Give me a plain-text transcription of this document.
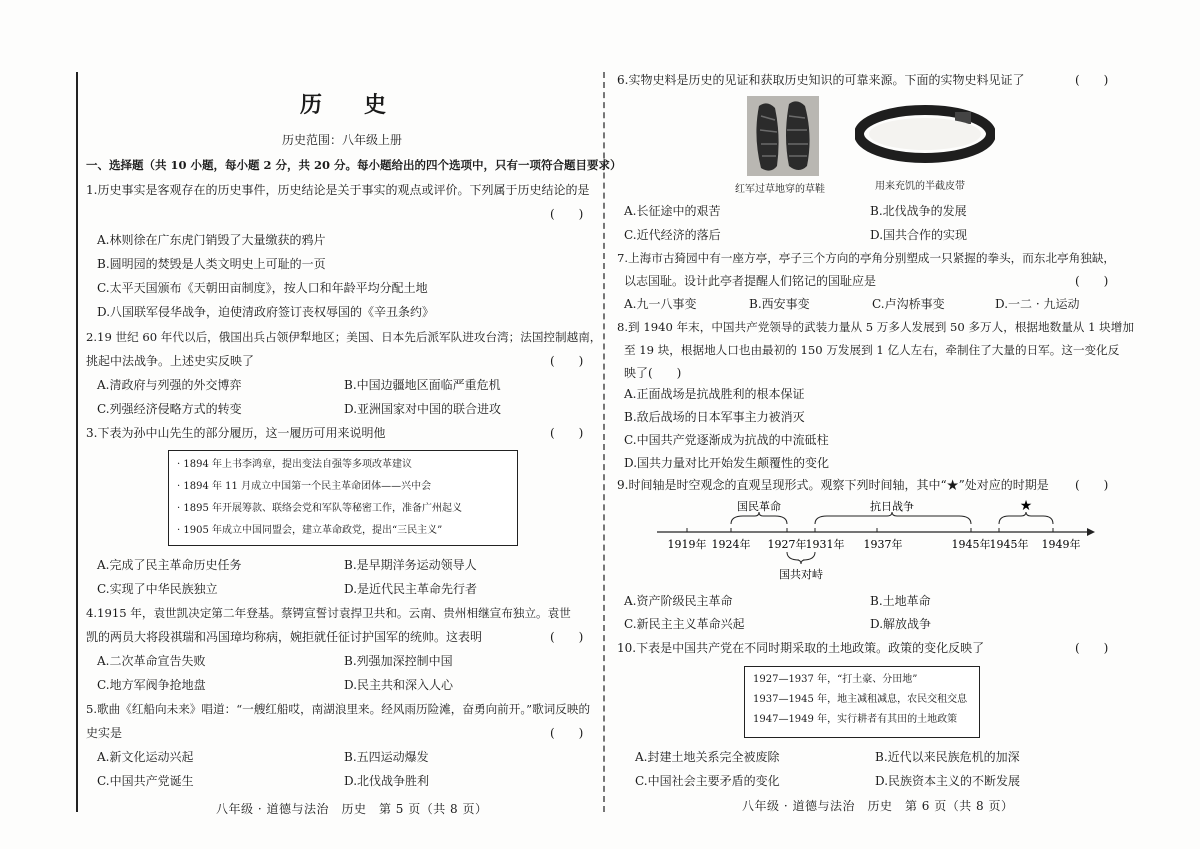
历　史
历史范围：八年级上册
一、选择题（共 10 小题，每小题 2 分，共 20 分。每小题给出的四个选项中，只有一项符合题目要求）
1.历史事实是客观存在的历史事件，历史结论是关于事实的观点或评价。下列属于历史结论的是
(　　)
A.林则徐在广东虎门销毁了大量缴获的鸦片
B.圆明园的焚毁是人类文明史上可耻的一页
C.太平天国颁布《天朝田亩制度》，按人口和年龄平均分配土地
D.八国联军侵华战争，迫使清政府签订丧权辱国的《辛丑条约》
2.19 世纪 60 年代以后，俄国出兵占领伊犁地区；美国、日本先后派军队进攻台湾；法国控制越南，
挑起中法战争。上述史实反映了	(　　)
A.清政府与列强的外交博弈	B.中国边疆地区面临严重危机
C.列强经济侵略方式的转变	D.亚洲国家对中国的联合进攻
3.下表为孙中山先生的部分履历，这一履历可用来说明他	(　　)
· 1894 年上书李鸿章，提出变法自强等多项改革建议
· 1894 年 11 月成立中国第一个民主革命团体——兴中会
· 1895 年开展筹款、联络会党和军队等秘密工作，准备广州起义
· 1905 年成立中国同盟会，建立革命政党，提出“三民主义”
A.完成了民主革命历史任务	B.是早期洋务运动领导人
C.实现了中华民族独立	D.是近代民主革命先行者
4.1915 年，袁世凯决定第二年登基。蔡锷宣誓讨袁捍卫共和。云南、贵州相继宣布独立。袁世
凯的两员大将段祺瑞和冯国璋均称病，婉拒就任征讨护国军的统帅。这表明	(　　)
A.二次革命宣告失败	B.列强加深控制中国
C.地方军阀争抢地盘	D.民主共和深入人心
5.歌曲《红船向未来》唱道：“一艘红船哎，南湖浪里来。经风雨历险滩，奋勇向前开。”歌词反映的
史实是	(　　)
A.新文化运动兴起	B.五四运动爆发
C.中国共产党诞生	D.北伐战争胜利
八年级 · 道德与法治　历史　第 5 页（共 8 页）
6.实物史料是历史的见证和获取历史知识的可靠来源。下面的实物史料见证了	(　　)
红军过草地穿的草鞋	用来充饥的半截皮带
A.长征途中的艰苦	B.北伐战争的发展
C.近代经济的落后	D.国共合作的实现
7.上海市古猗园中有一座方亭，亭子三个方向的亭角分别塑成一只紧握的拳头，而东北亭角独缺，
以志国耻。设计此亭者提醒人们铭记的国耻应是	(　　)
A.九一八事变	B.西安事变	C.卢沟桥事变	D.一二 · 九运动
8.到 1940 年末，中国共产党领导的武装力量从 5 万多人发展到 50 多万人，根据地数量从 1 块增加
至 19 块，根据地人口也由最初的 150 万发展到 1 亿人左右，牵制住了大量的日军。这一变化反
映了(　　)
A.正面战场是抗战胜利的根本保证
B.敌后战场的日本军事主力被消灭
C.中国共产党逐渐成为抗战的中流砥柱
D.国共力量对比开始发生颠覆性的变化
9.时间轴是时空观念的直观呈现形式。观察下列时间轴，其中“★”处对应的时期是 (　　)
国民革命	抗日战争	★
1919年 1924年 1927年 1931年 1937年	1945年 1945年 1949年
国共对峙
A.资产阶级民主革命	B.土地革命
C.新民主主义革命兴起	D.解放战争
10.下表是中国共产党在不同时期采取的土地政策。政策的变化反映了	(　　)
1927—1937 年，“打土豪、分田地”
1937—1945 年，地主减租减息，农民交租交息
1947—1949 年，实行耕者有其田的土地政策
A.封建土地关系完全被废除	B.近代以来民族危机的加深
C.中国社会主要矛盾的变化	D.民族资本主义的不断发展
八年级 · 道德与法治　历史　第 6 页（共 8 页）
